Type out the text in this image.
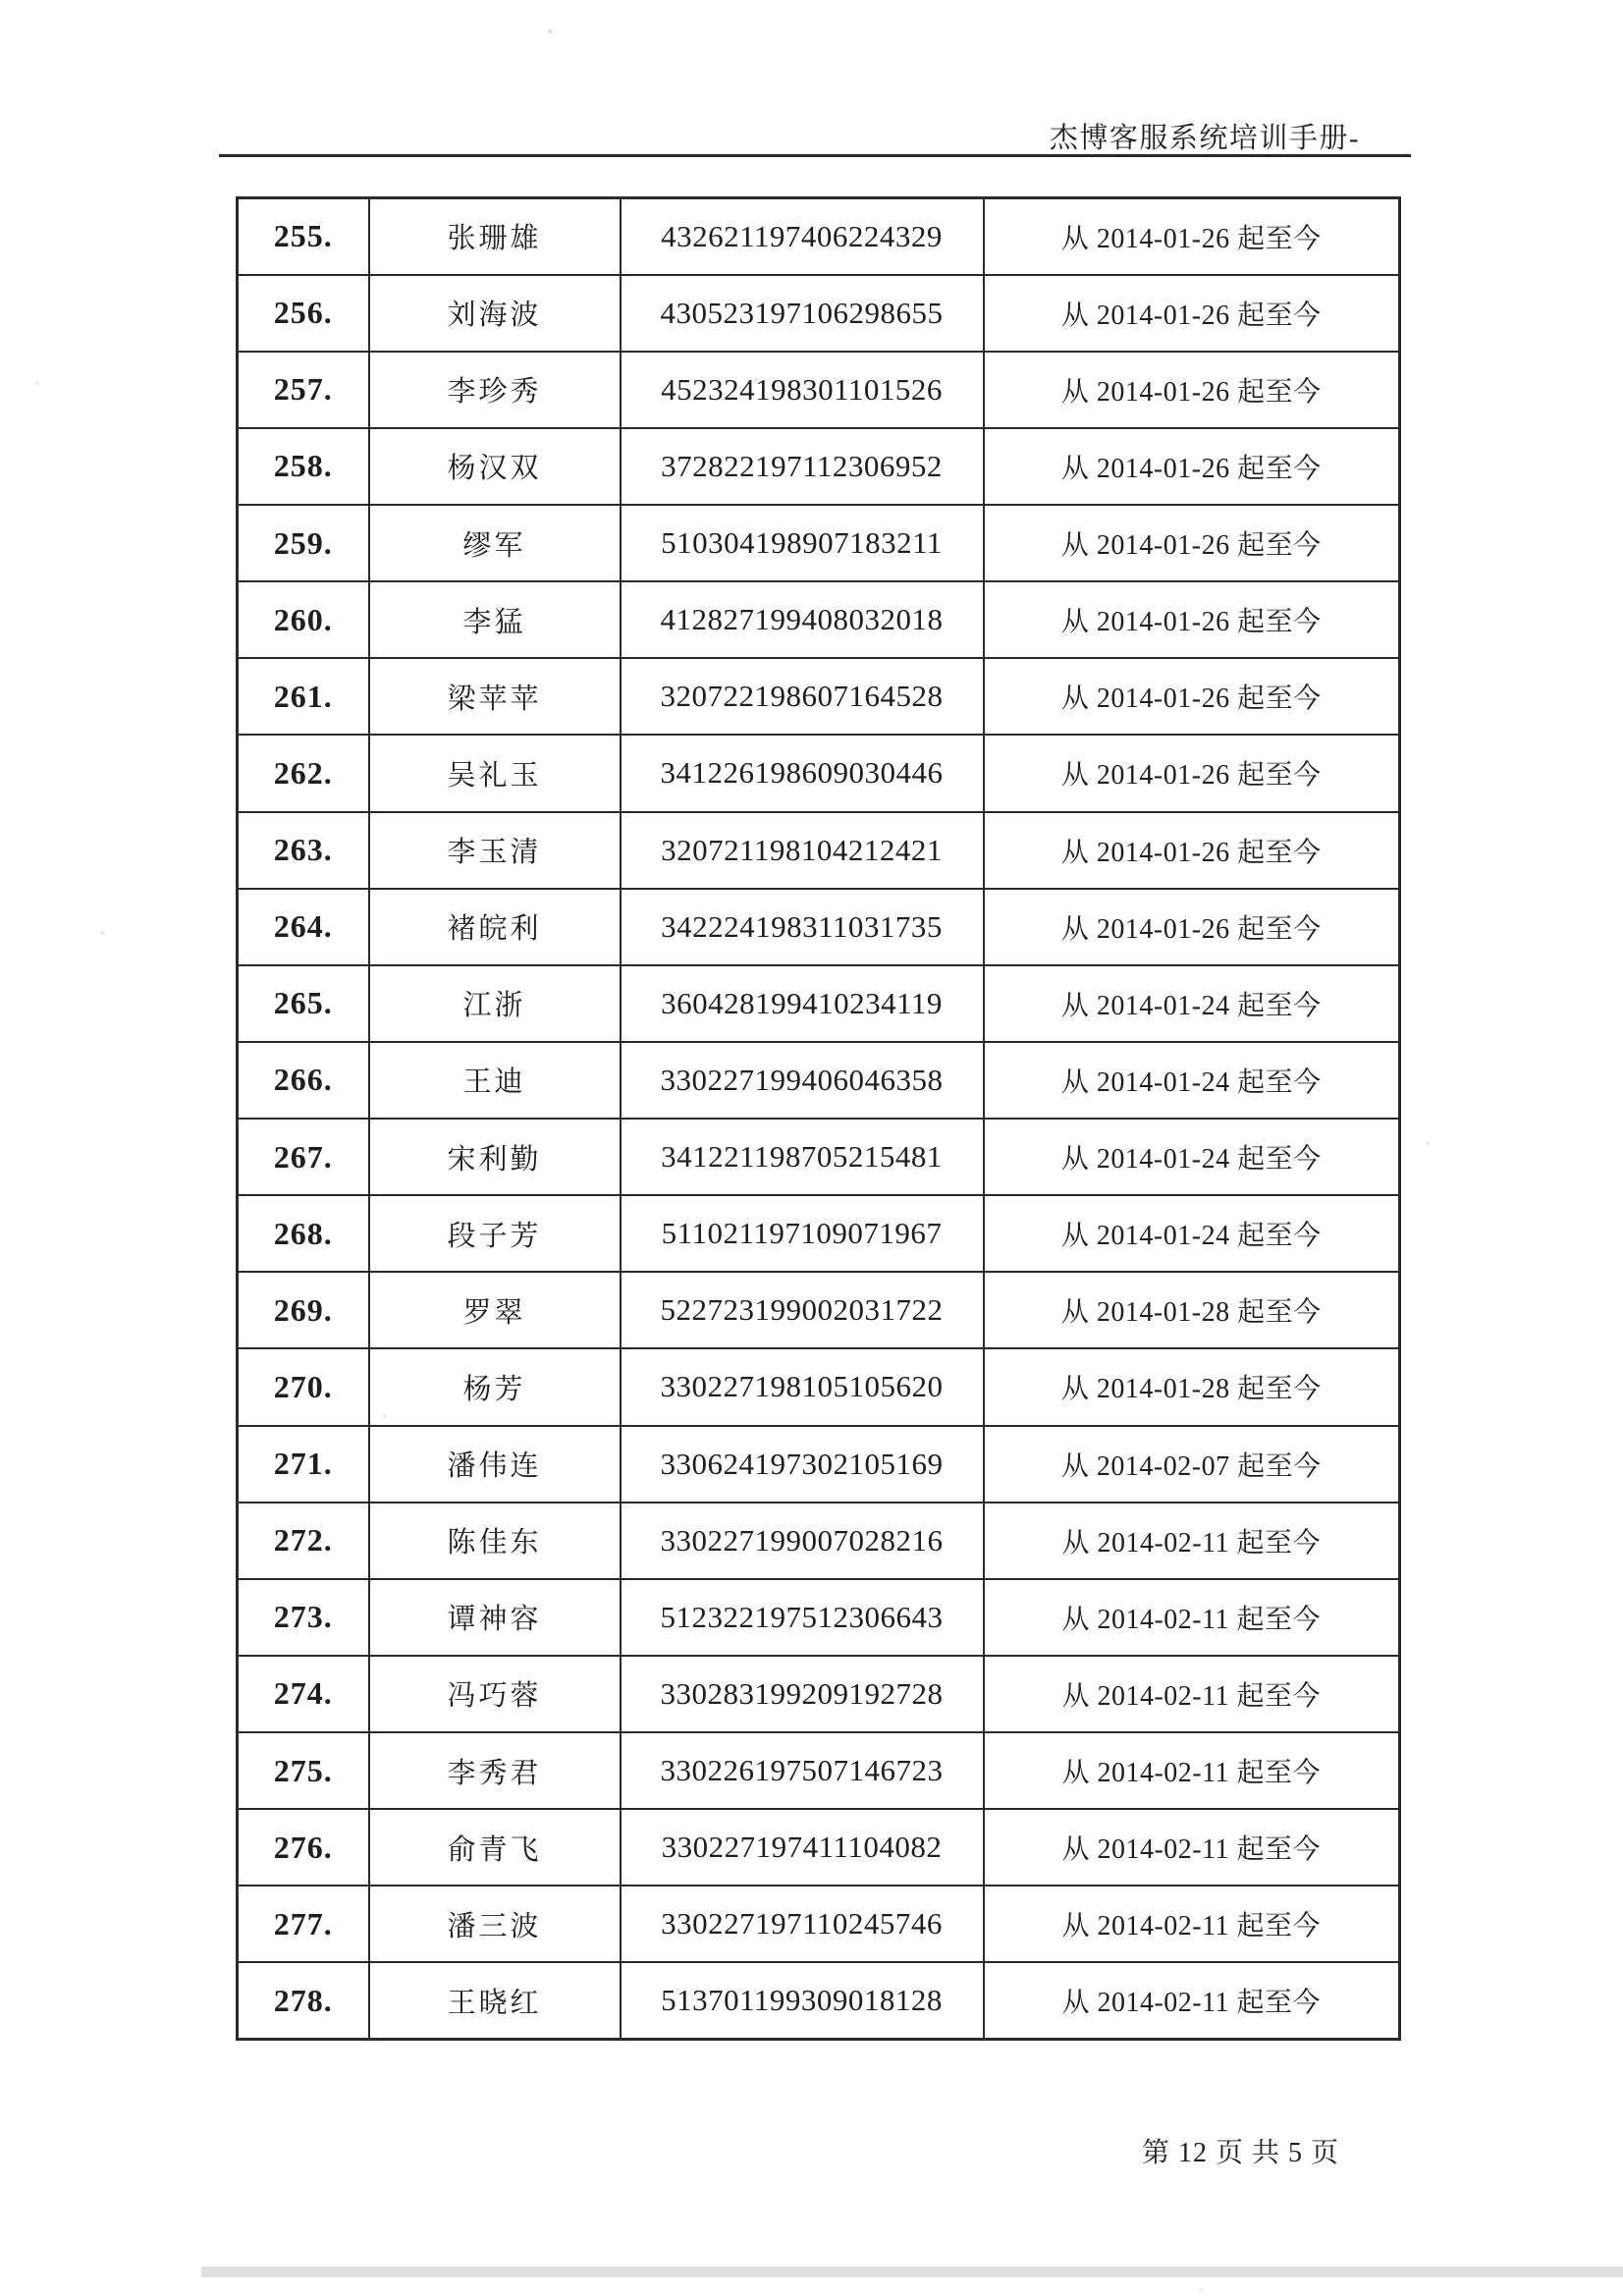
杰博客服系统培训手册-
255.	张珊雄	432621197406224329	从 2014-01-26 起至今
256.	刘海波	430523197106298655	从 2014-01-26 起至今
257.	李珍秀	452324198301101526	从 2014-01-26 起至今
258.	杨汉双	372822197112306952	从 2014-01-26 起至今
259.	缪军	510304198907183211	从 2014-01-26 起至今
260.	李猛	412827199408032018	从 2014-01-26 起至今
261.	梁苹苹	320722198607164528	从 2014-01-26 起至今
262.	吴礼玉	341226198609030446	从 2014-01-26 起至今
263.	李玉清	320721198104212421	从 2014-01-26 起至今
264.	褚皖利	342224198311031735	从 2014-01-26 起至今
265.	江浙	360428199410234119	从 2014-01-24 起至今
266.	王迪	330227199406046358	从 2014-01-24 起至今
267.	宋利勤	341221198705215481	从 2014-01-24 起至今
268.	段子芳	511021197109071967	从 2014-01-24 起至今
269.	罗翠	522723199002031722	从 2014-01-28 起至今
270.	杨芳	330227198105105620	从 2014-01-28 起至今
271.	潘伟连	330624197302105169	从 2014-02-07 起至今
272.	陈佳东	330227199007028216	从 2014-02-11 起至今
273.	谭神容	512322197512306643	从 2014-02-11 起至今
274.	冯巧蓉	330283199209192728	从 2014-02-11 起至今
275.	李秀君	330226197507146723	从 2014-02-11 起至今
276.	俞青飞	330227197411104082	从 2014-02-11 起至今
277.	潘三波	330227197110245746	从 2014-02-11 起至今
278.	王晓红	513701199309018128	从 2014-02-11 起至今
第 12 页 共 5 页
